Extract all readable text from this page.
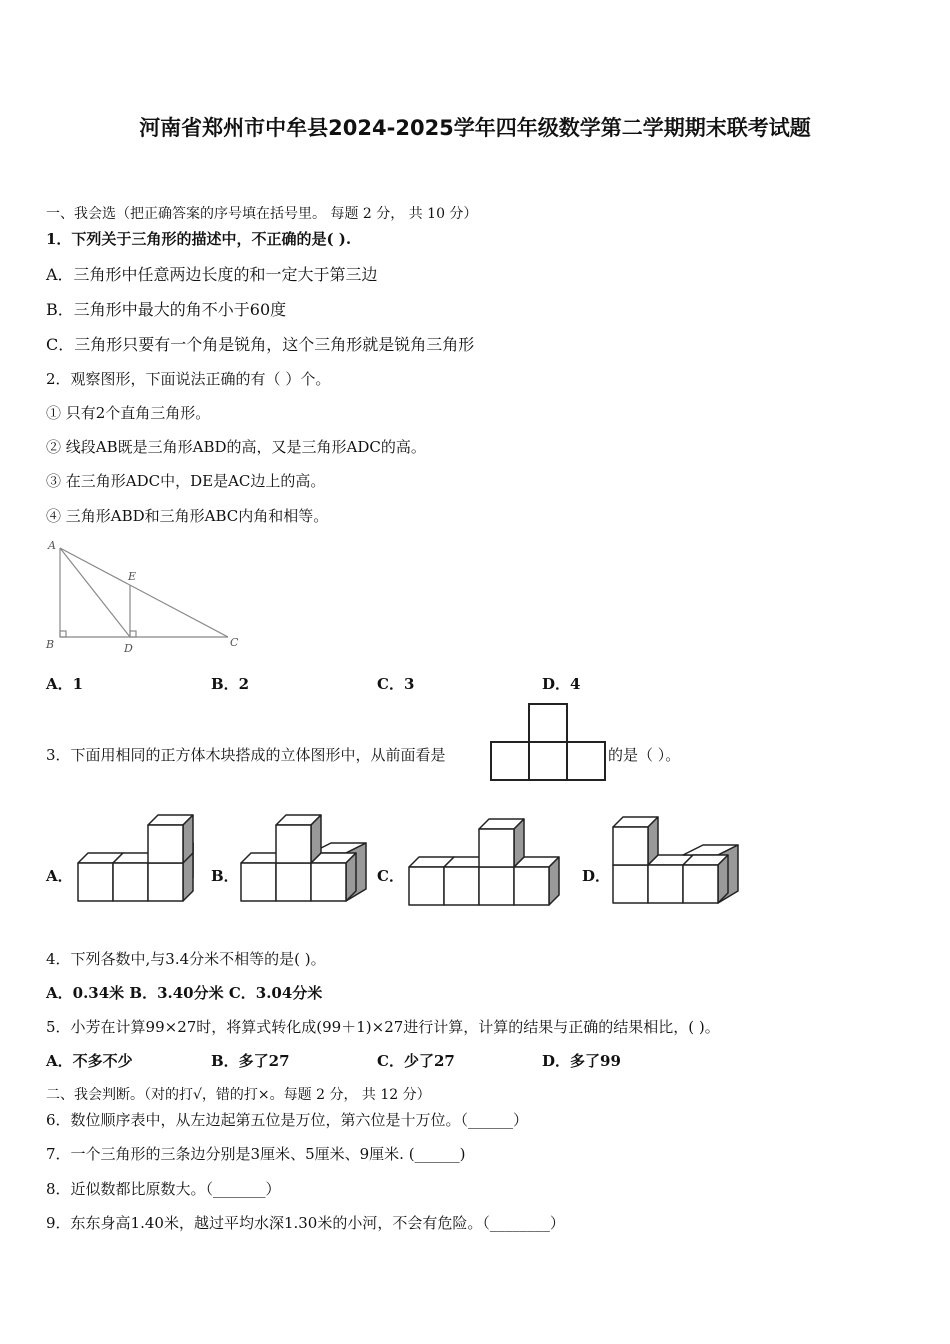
河南省郑州市中牟县2024-2025学年四年级数学第二学期期末联考试题
一、我会选（把正确答案的序号填在括号里。 每题 2 分， 共 10 分）
1．下列关于三角形的描述中，不正确的是( ).
A．三角形中任意两边长度的和一定大于第三边
B．三角形中最大的角不小于60度
C．三角形只要有一个角是锐角，这个三角形就是锐角三角形
2．观察图形，下面说法正确的有（ ）个。
① 只有2个直角三角形。
② 线段AB既是三角形ABD的高，又是三角形ADC的高。
③ 在三角形ADC中，DE是AC边上的高。
④ 三角形ABD和三角形ABC内角和相等。
A
E
B	D	C
A．1	B．2	C．3	D．4
3．下面用相同的正方体木块搭成的立体图形中，从前面看是	的是（ ）。
A．	B．	C．	D．
4．下列各数中,与3.4分米不相等的是( )。
A．0.34米 B．3.40分米 C．3.04分米
5．小芳在计算99×27时，将算式转化成(99＋1)×27进行计算，计算的结果与正确的结果相比，( )。
A．不多不少	B．多了27	C．少了27	D．多了99
二、我会判断。（对的打√，错的打×。每题 2 分， 共 12 分）
6．数位顺序表中，从左边起第五位是万位，第六位是十万位。（______）
7．一个三角形的三条边分别是3厘米、5厘米、9厘米. (______)
8．近似数都比原数大。（_______）
9．东东身高1.40米，越过平均水深1.30米的小河，不会有危险。（________）
